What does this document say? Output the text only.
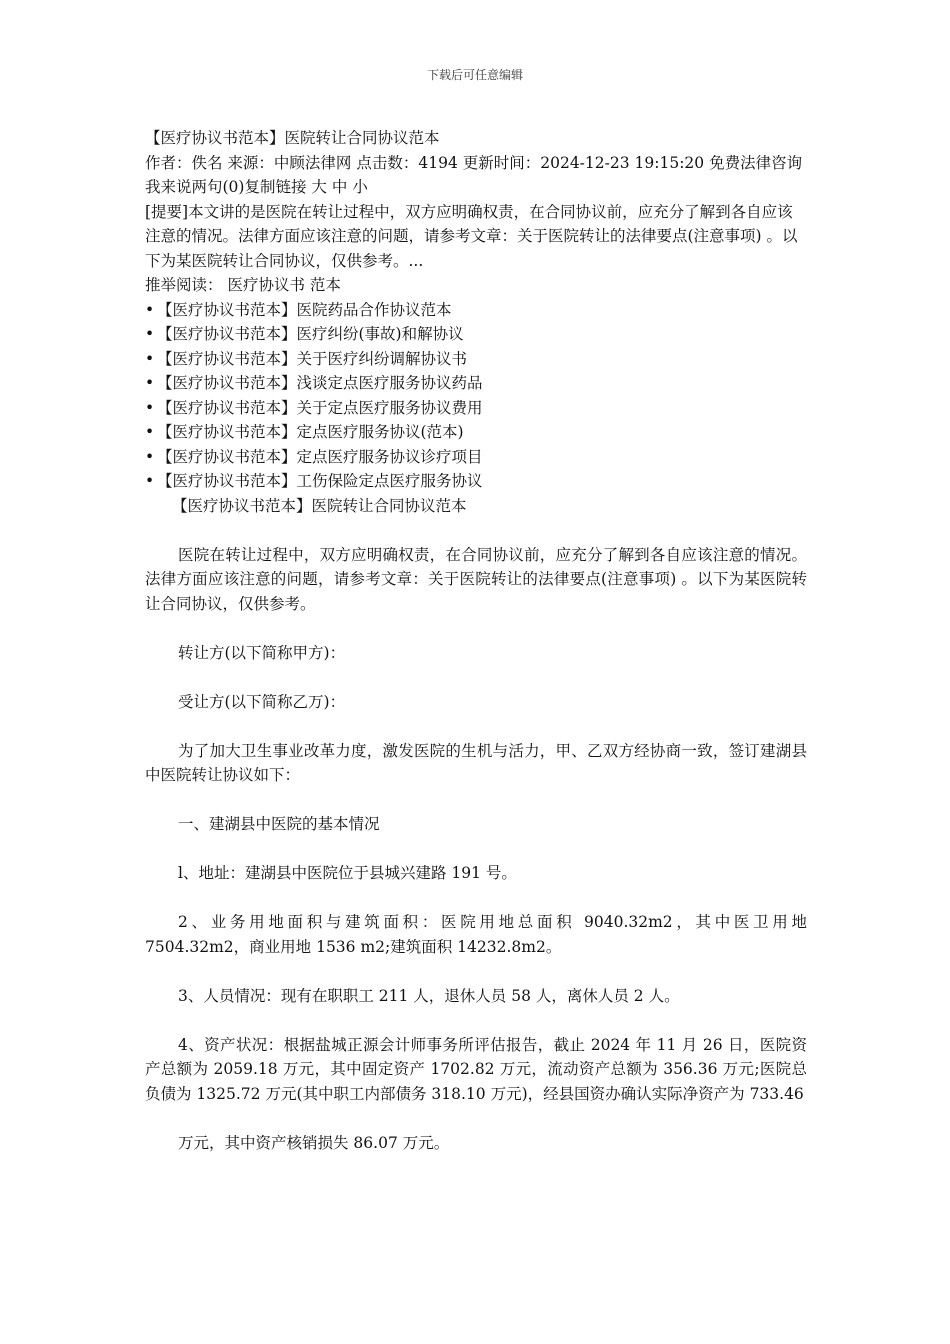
下载后可任意编辑

【医疗协议书范本】医院转让合同协议范本

作者：佚名 来源：中顾法律网 点击数：4194 更新时间：2024-12-23 19:15:20 免费法律咨询

我来说两句(0)复制链接 大 中 小

[提要]本文讲的是医院在转让过程中，双方应明确权责，在合同协议前，应充分了解到各自应该注意的情况。法律方面应该注意的问题，请参考文章：关于医院转让的法律要点(注意事项) 。以下为某医院转让合同协议，仅供参考。...

推举阅读： 医疗协议书 范本

• 【医疗协议书范本】医院药品合作协议范本
• 【医疗协议书范本】医疗纠纷(事故)和解协议
• 【医疗协议书范本】关于医疗纠纷调解协议书
• 【医疗协议书范本】浅谈定点医疗服务协议药品
• 【医疗协议书范本】关于定点医疗服务协议费用
• 【医疗协议书范本】定点医疗服务协议(范本)
• 【医疗协议书范本】定点医疗服务协议诊疗项目
• 【医疗协议书范本】工伤保险定点医疗服务协议

【医疗协议书范本】医院转让合同协议范本

医院在转让过程中，双方应明确权责，在合同协议前，应充分了解到各自应该注意的情况。法律方面应该注意的问题，请参考文章：关于医院转让的法律要点(注意事项) 。以下为某医院转让合同协议，仅供参考。

转让方(以下简称甲方)：

受让方(以下简称乙万)：

为了加大卫生事业改革力度，激发医院的生机与活力，甲、乙双方经协商一致，签订建湖县中医院转让协议如下：

一、建湖县中医院的基本情况

l、地址：建湖县中医院位于县城兴建路 191 号。

2、业务用地面积与建筑面积：医院用地总面积 9040.32m2，其中医卫用地 7504.32m2，商业用地 1536 m2;建筑面积 14232.8m2。

3、人员情况：现有在职职工 211 人，退休人员 58 人，离休人员 2 人。

4、资产状况：根据盐城正源会计师事务所评估报告，截止 2024 年 11 月 26 日，医院资产总额为 2059.18 万元，其中固定资产 1702.82 万元，流动资产总额为 356.36 万元;医院总负债为 1325.72 万元(其中职工内部债务 318.10 万元)，经县国资办确认实际净资产为 733.46

万元，其中资产核销损失 86.07 万元。
